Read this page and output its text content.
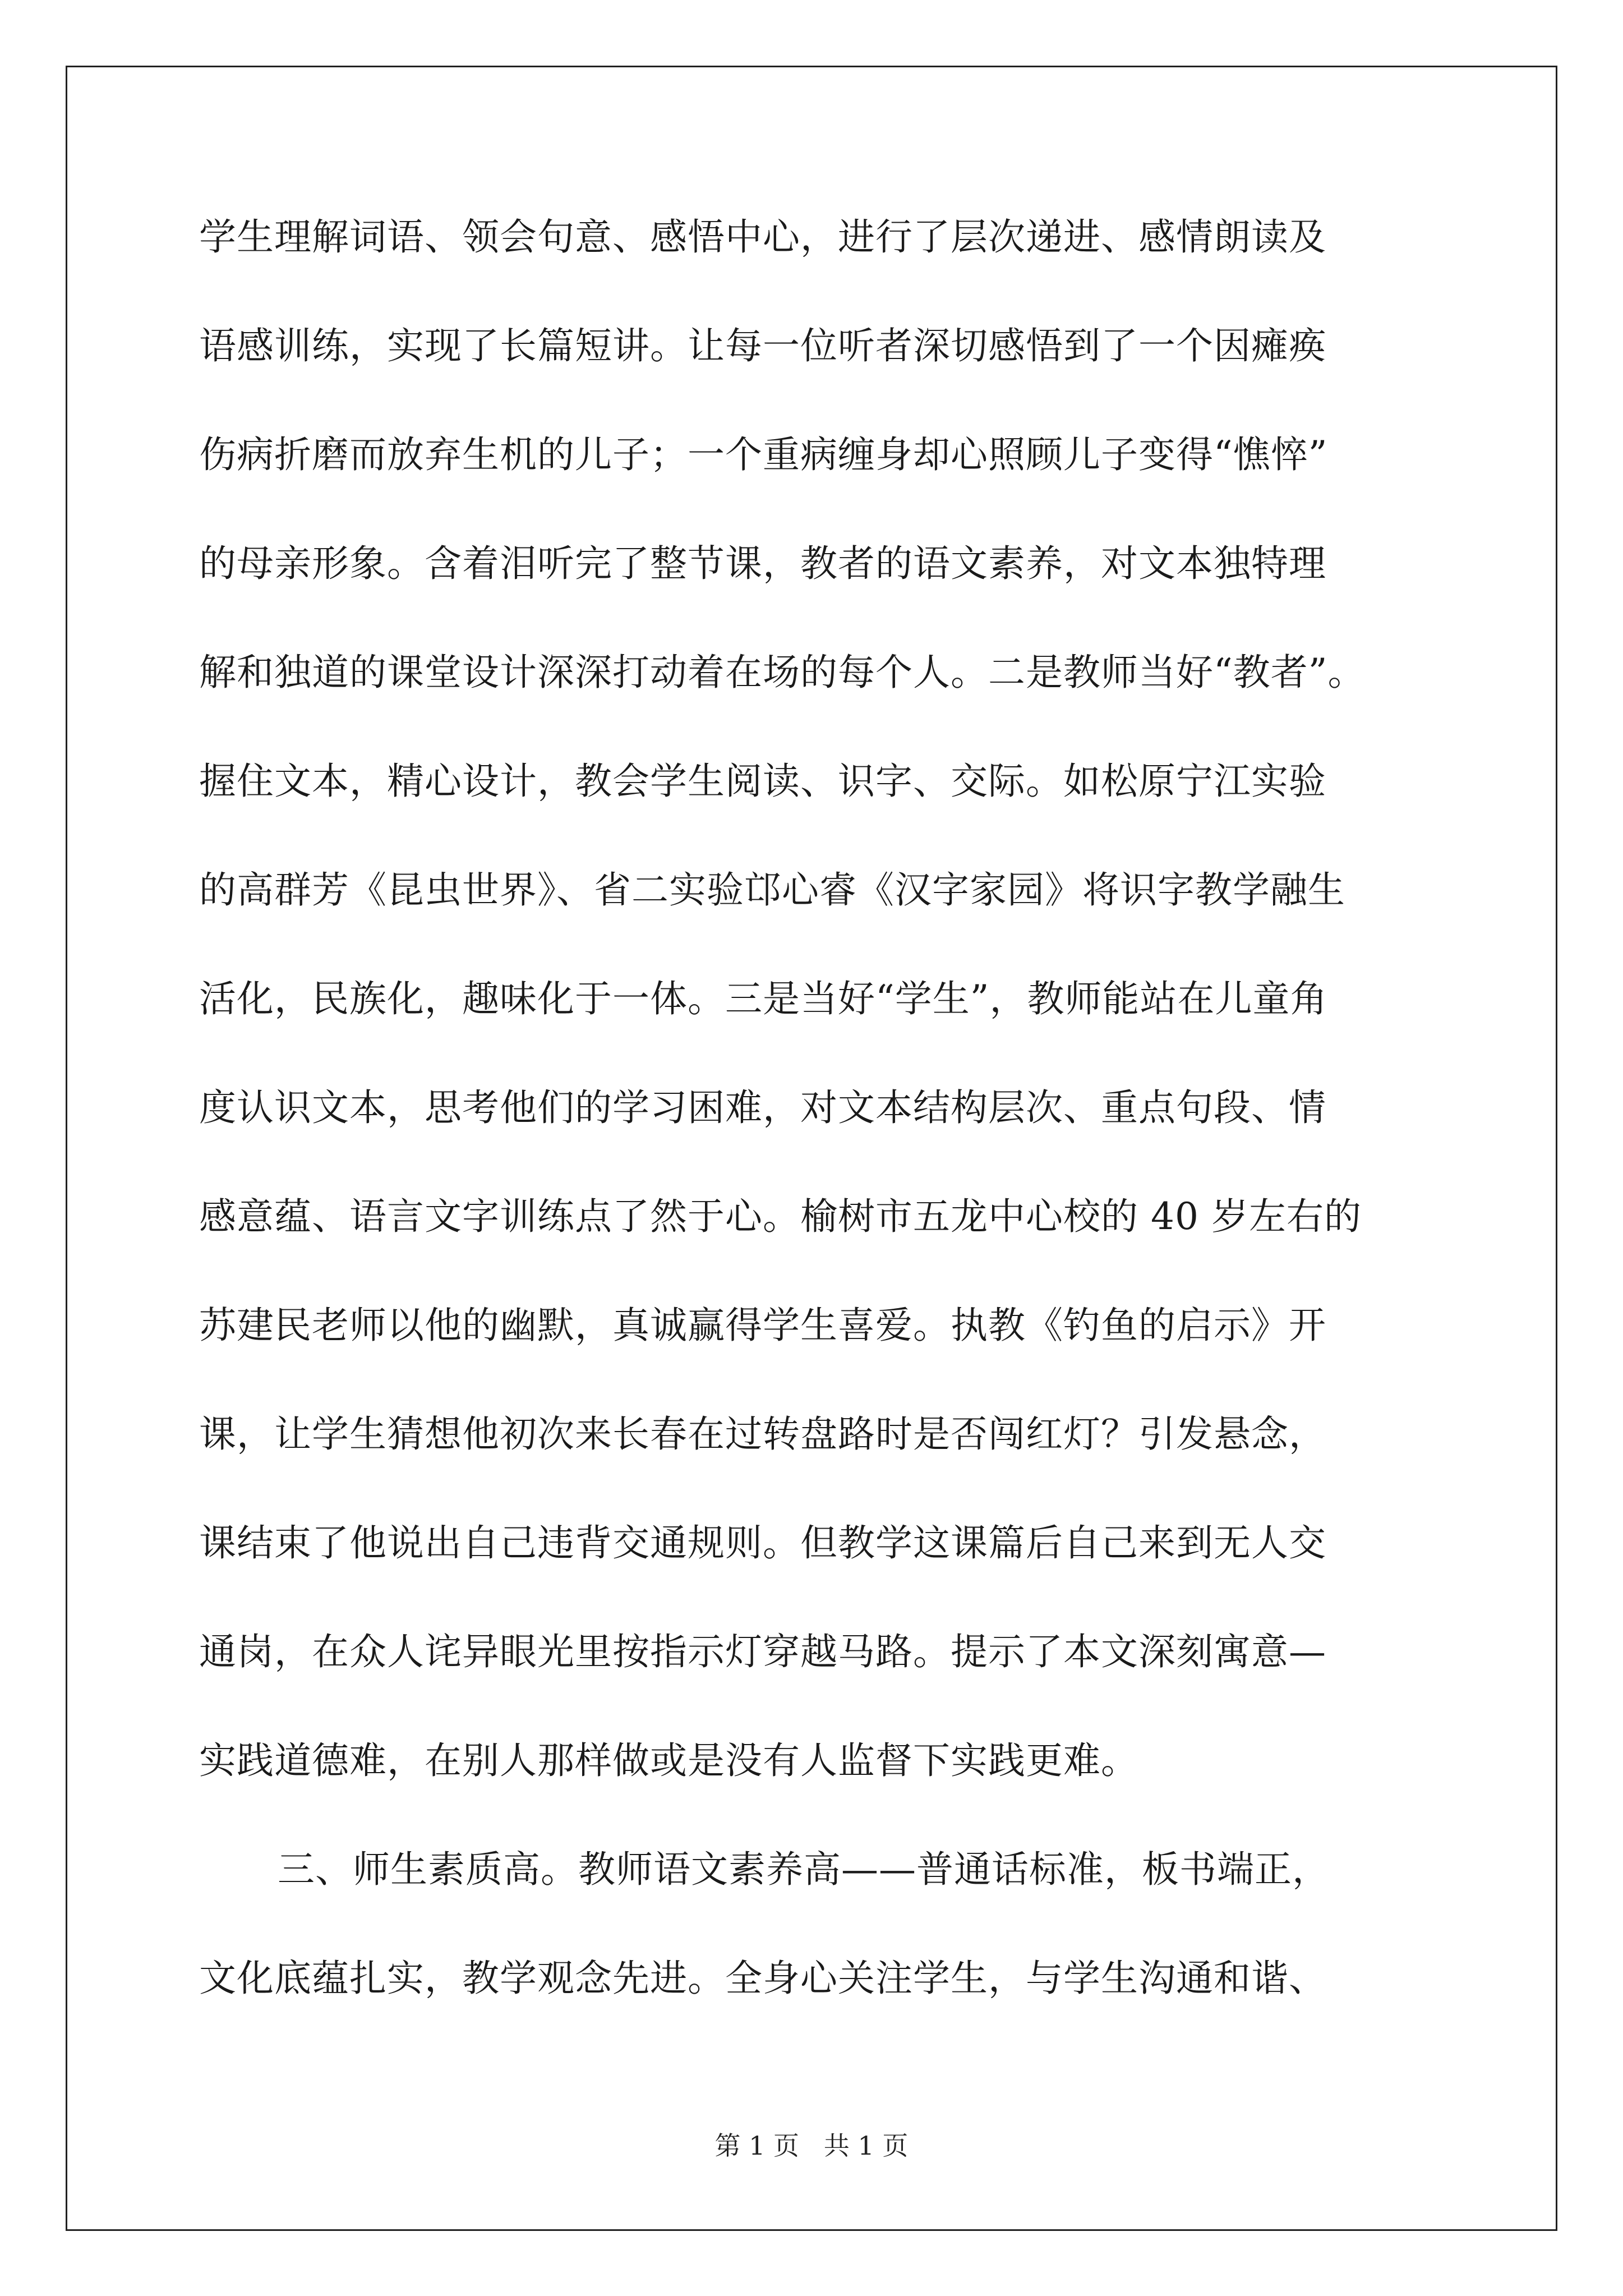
学生理解词语、领会句意、感悟中心，进行了层次递进、感情朗读及
语感训练，实现了长篇短讲。让每一位听者深切感悟到了一个因瘫痪
伤病折磨而放弃生机的儿子；一个重病缠身却心照顾儿子变得“憔悴”
的母亲形象。含着泪听完了整节课，教者的语文素养，对文本独特理
解和独道的课堂设计深深打动着在场的每个人。二是教师当好“教者”。
握住文本，精心设计，教会学生阅读、识字、交际。如松原宁江实验
的高群芳《昆虫世界》、省二实验邙心睿《汉字家园》将识字教学融生
活化，民族化，趣味化于一体。三是当好“学生”，教师能站在儿童角
度认识文本，思考他们的学习困难，对文本结构层次、重点句段、情
感意蕴、语言文字训练点了然于心。榆树市五龙中心校的 40 岁左右的
苏建民老师以他的幽默，真诚赢得学生喜爱。执教《钓鱼的启示》开
课，让学生猜想他初次来长春在过转盘路时是否闯红灯？引发悬念，
课结束了他说出自己违背交通规则。但教学这课篇后自己来到无人交
通岗，在众人诧异眼光里按指示灯穿越马路。提示了本文深刻寓意—
实践道德难，在别人那样做或是没有人监督下实践更难。
三、师生素质高。教师语文素养高——普通话标准，板书端正，
文化底蕴扎实，教学观念先进。全身心关注学生，与学生沟通和谐、
第 1 页   共 1 页
